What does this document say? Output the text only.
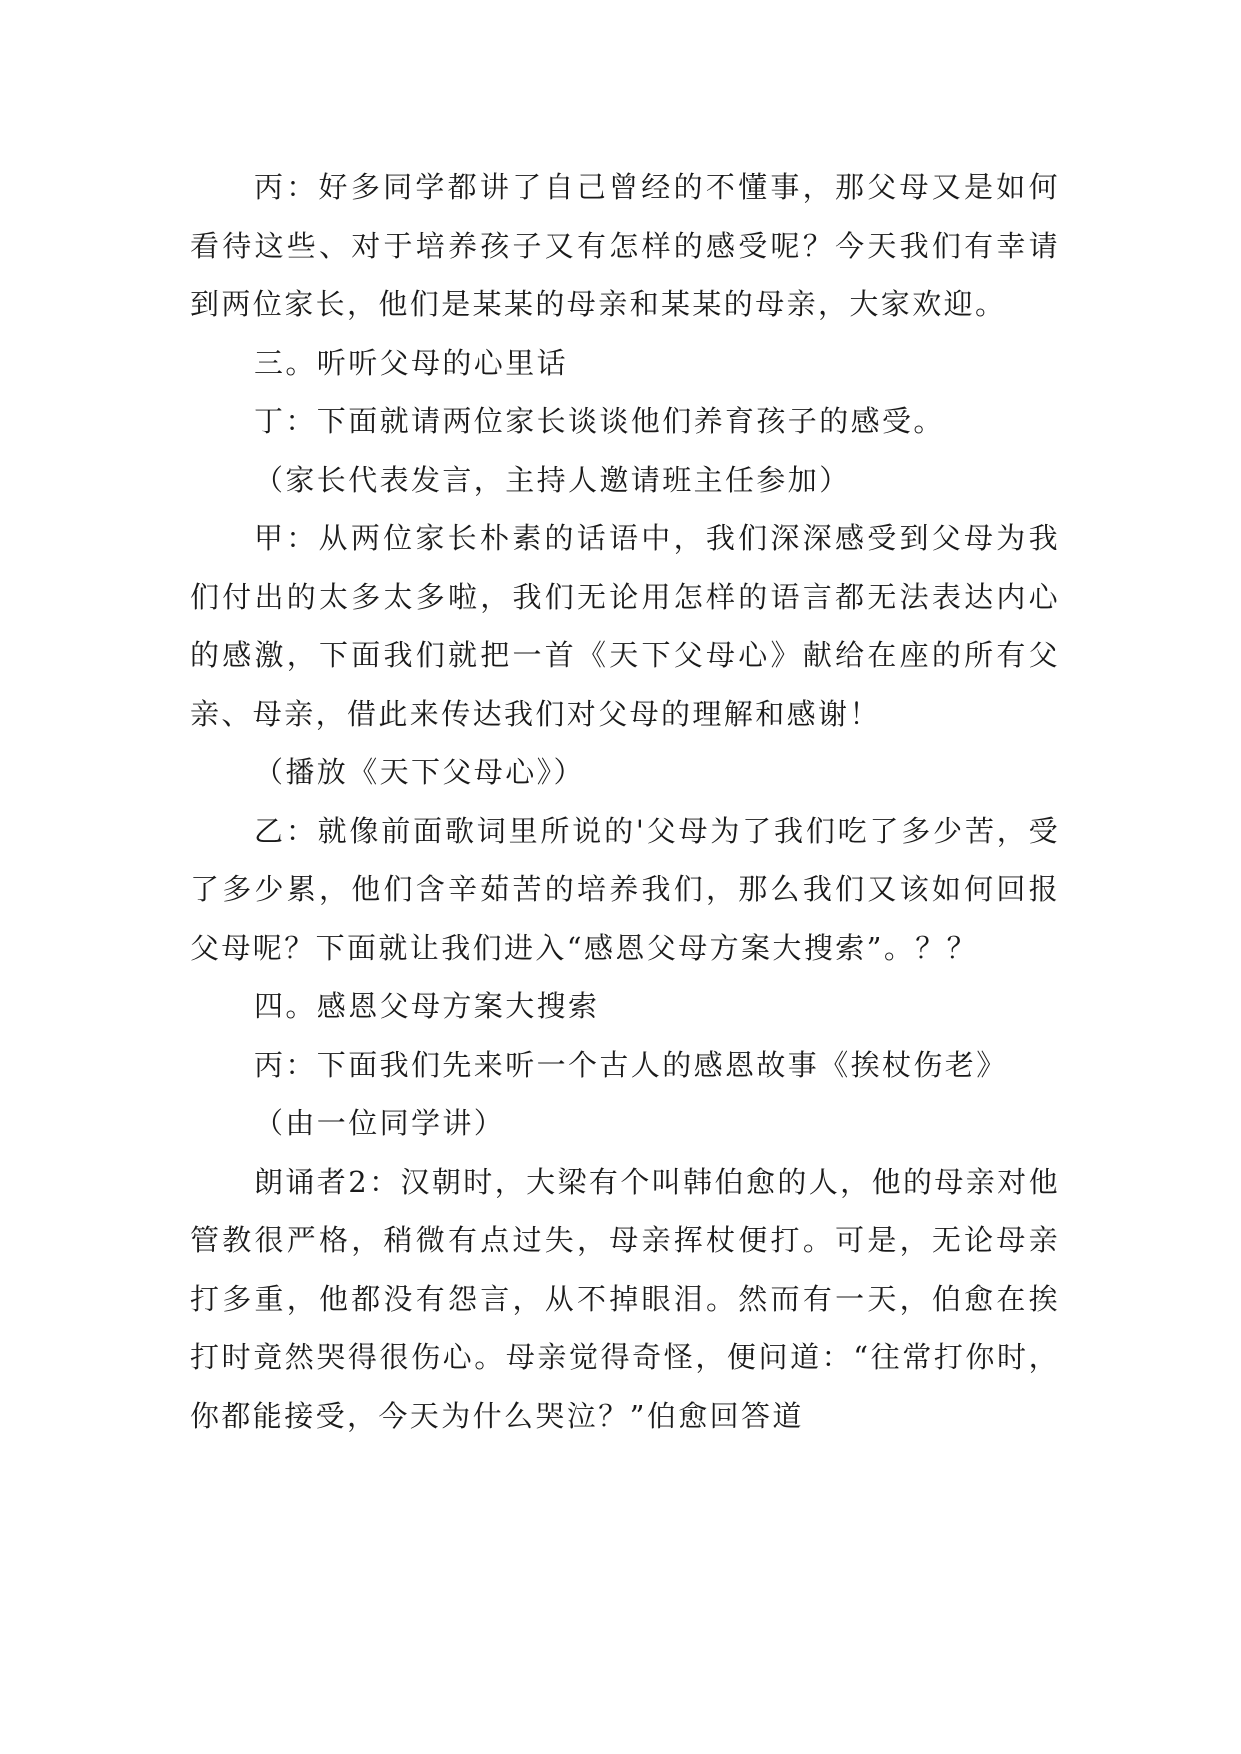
丙：好多同学都讲了自己曾经的不懂事，那父母又是如何看待这些、对于培养孩子又有怎样的感受呢？今天我们有幸请到两位家长，他们是某某的母亲和某某的母亲，大家欢迎。

三。听听父母的心里话

丁：下面就请两位家长谈谈他们养育孩子的感受。

（家长代表发言，主持人邀请班主任参加）

甲：从两位家长朴素的话语中，我们深深感受到父母为我们付出的太多太多啦，我们无论用怎样的语言都无法表达内心的感激，下面我们就把一首《天下父母心》献给在座的所有父亲、母亲，借此来传达我们对父母的理解和感谢！

（播放《天下父母心》）

乙：就像前面歌词里所说的'父母为了我们吃了多少苦，受了多少累，他们含辛茹苦的培养我们，那么我们又该如何回报父母呢？下面就让我们进入“感恩父母方案大搜索”。？？

四。感恩父母方案大搜索

丙：下面我们先来听一个古人的感恩故事《挨杖伤老》

（由一位同学讲）

朗诵者2：汉朝时，大梁有个叫韩伯愈的人，他的母亲对他管教很严格，稍微有点过失，母亲挥杖便打。可是，无论母亲打多重，他都没有怨言，从不掉眼泪。然而有一天，伯愈在挨打时竟然哭得很伤心。母亲觉得奇怪，便问道：“往常打你时，你都能接受，今天为什么哭泣？”伯愈回答道
